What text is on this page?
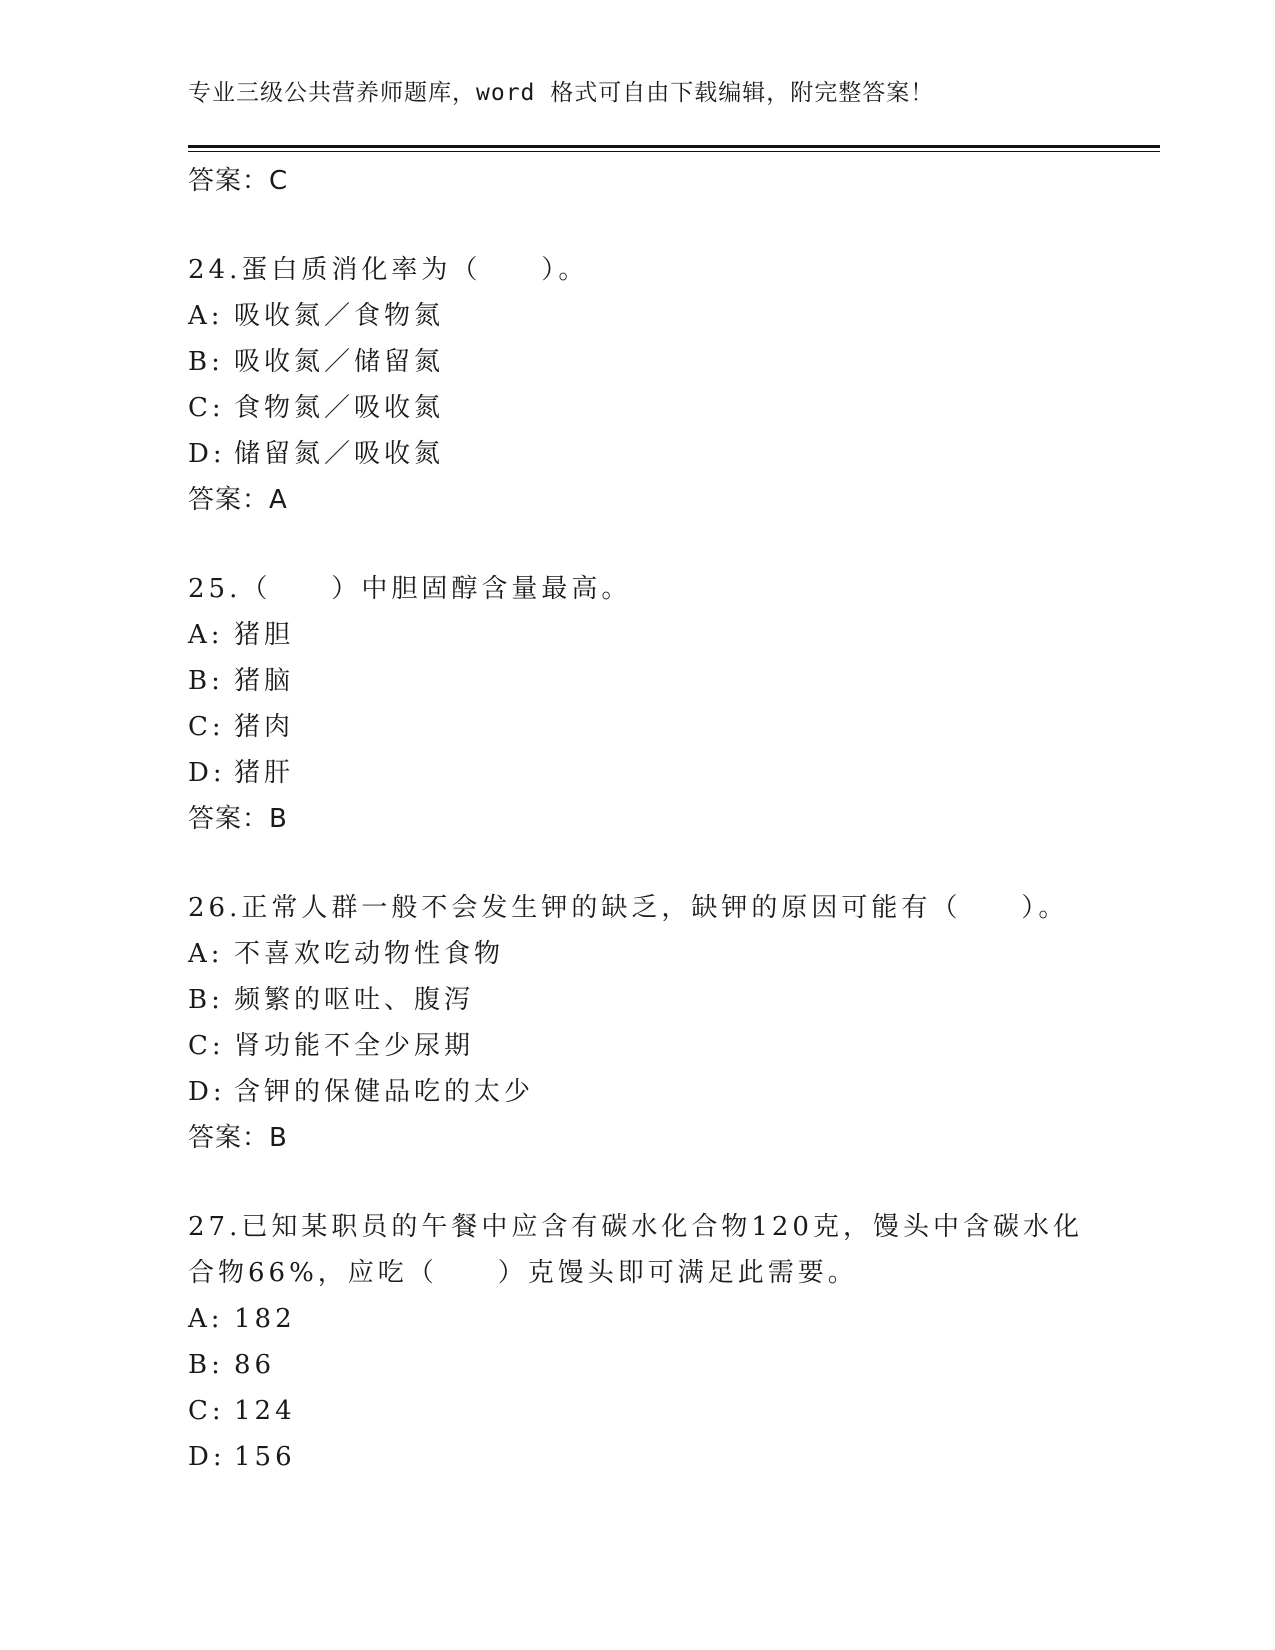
专业三级公共营养师题库，word 格式可自由下载编辑，附完整答案！
答案：C
24.蛋白质消化率为（　　）。
A: 吸收氮／食物氮
B: 吸收氮／储留氮
C: 食物氮／吸收氮
D: 储留氮／吸收氮
答案：A
25.（　　）中胆固醇含量最高。
A: 猪胆
B: 猪脑
C: 猪肉
D: 猪肝
答案：B
26.正常人群一般不会发生钾的缺乏，缺钾的原因可能有（　　）。
A: 不喜欢吃动物性食物
B: 频繁的呕吐、腹泻
C: 肾功能不全少尿期
D: 含钾的保健品吃的太少
答案：B
27.已知某职员的午餐中应含有碳水化合物120克，馒头中含碳水化合物66%，应吃（　　）克馒头即可满足此需要。
A: 182
B: 86
C: 124
D: 156
